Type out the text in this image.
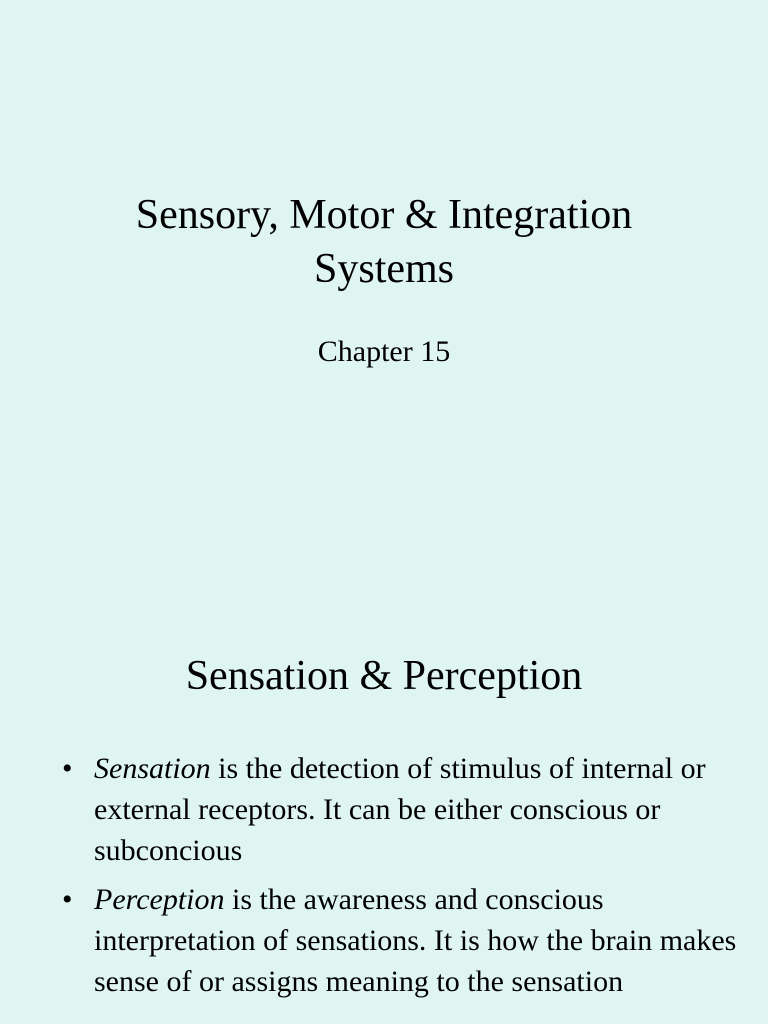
Sensory, Motor & Integration
Systems
Chapter 15
Sensation & Perception
• Sensation is the detection of stimulus of internal or external receptors. It can be either conscious or subconcious
• Perception is the awareness and conscious interpretation of sensations. It is how the brain makes sense of or assigns meaning to the sensation
